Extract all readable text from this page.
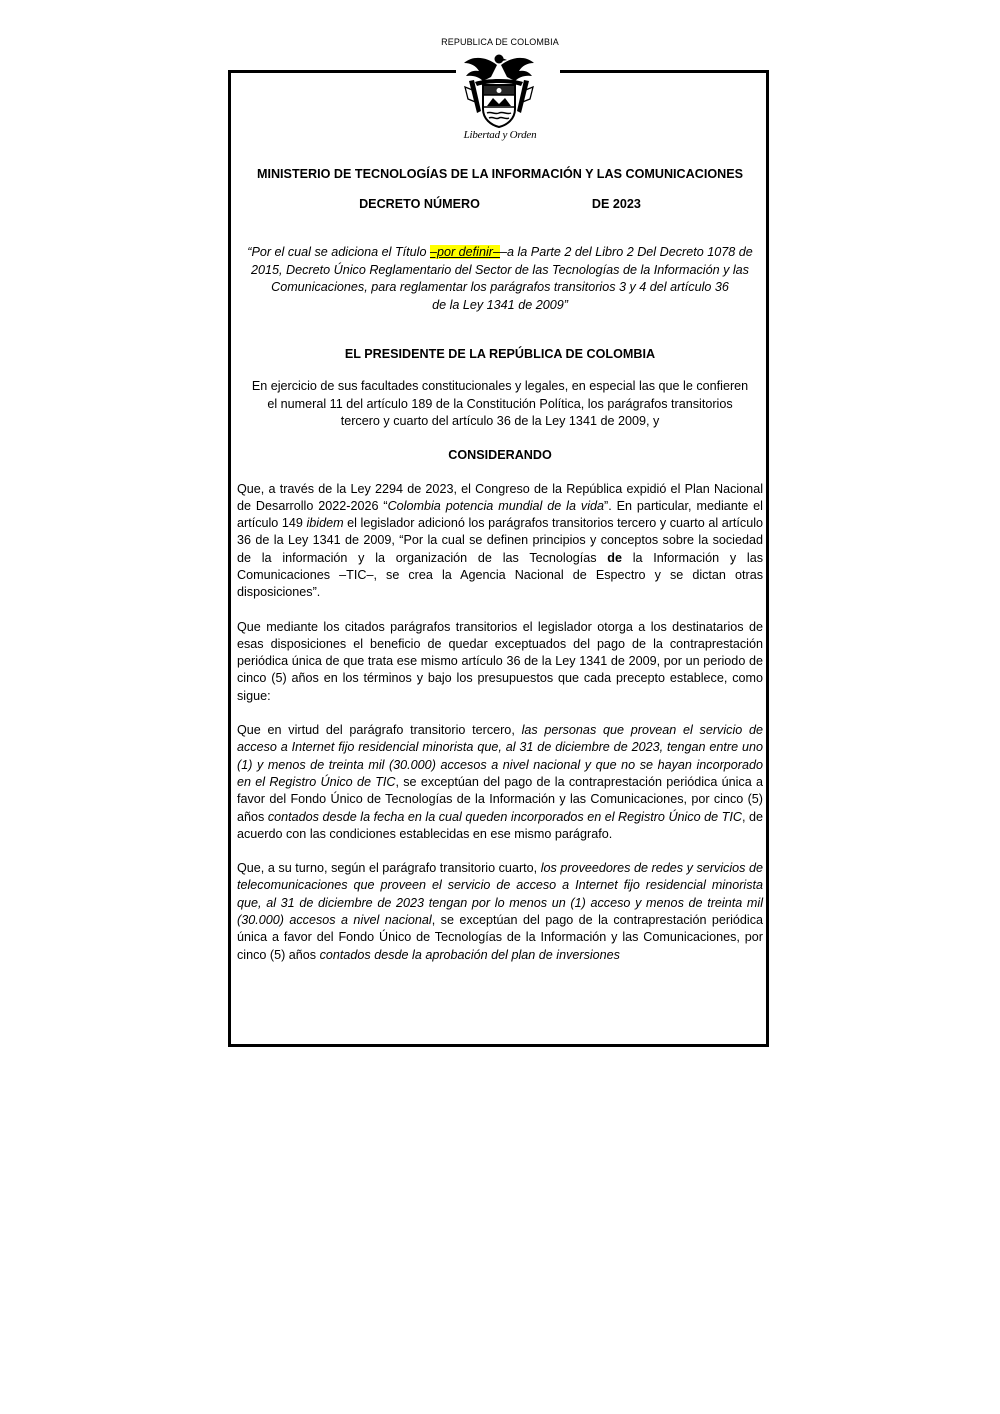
REPUBLICA DE COLOMBIA
Libertad y Orden

MINISTERIO DE TECNOLOGÍAS DE LA INFORMACIÓN Y LAS COMUNICACIONES

DECRETO NÚMERO	DE 2023

“Por el cual se adiciona el Título –por definir––a la Parte 2 del Libro 2 Del Decreto 1078 de 2015, Decreto Único Reglamentario del Sector de las Tecnologías de la Información y las Comunicaciones, para reglamentar los parágrafos transitorios 3 y 4 del artículo 36
de la Ley 1341 de 2009”

EL PRESIDENTE DE LA REPÚBLICA DE COLOMBIA

En ejercicio de sus facultades constitucionales y legales, en especial las que le confieren
el numeral 11 del artículo 189 de la Constitución Política, los parágrafos transitorios
tercero y cuarto del artículo 36 de la Ley 1341 de 2009, y

CONSIDERANDO

Que, a través de la Ley 2294 de 2023, el Congreso de la República expidió el Plan Nacional de Desarrollo 2022-2026 “Colombia potencia mundial de la vida”. En particular, mediante el artículo 149 ibidem el legislador adicionó los parágrafos transitorios tercero y cuarto al artículo 36 de la Ley 1341 de 2009, “Por la cual se definen principios y conceptos sobre la sociedad de la información y la organización de las Tecnologías de la Información y las Comunicaciones –TIC–, se crea la Agencia Nacional de Espectro y se dictan otras disposiciones”.

Que mediante los citados parágrafos transitorios el legislador otorga a los destinatarios de esas disposiciones el beneficio de quedar exceptuados del pago de la contraprestación periódica única de que trata ese mismo artículo 36 de la Ley 1341 de 2009, por un periodo de cinco (5) años en los términos y bajo los presupuestos que cada precepto establece, como sigue:

Que en virtud del parágrafo transitorio tercero, las personas que provean el servicio de acceso a Internet fijo residencial minorista que, al 31 de diciembre de 2023, tengan entre uno (1) y menos de treinta mil (30.000) accesos a nivel nacional y que no se hayan incorporado en el Registro Único de TIC, se exceptúan del pago de la contraprestación periódica única a favor del Fondo Único de Tecnologías de la Información y las Comunicaciones, por cinco (5) años contados desde la fecha en la cual queden incorporados en el Registro Único de TIC, de acuerdo con las condiciones establecidas en ese mismo parágrafo.

Que, a su turno, según el parágrafo transitorio cuarto, los proveedores de redes y servicios de telecomunicaciones que proveen el servicio de acceso a Internet fijo residencial minorista que, al 31 de diciembre de 2023 tengan por lo menos un (1) acceso y menos de treinta mil (30.000) accesos a nivel nacional, se exceptúan del pago de la contraprestación periódica única a favor del Fondo Único de Tecnologías de la Información y las Comunicaciones, por cinco (5) años contados desde la aprobación del plan de inversiones
